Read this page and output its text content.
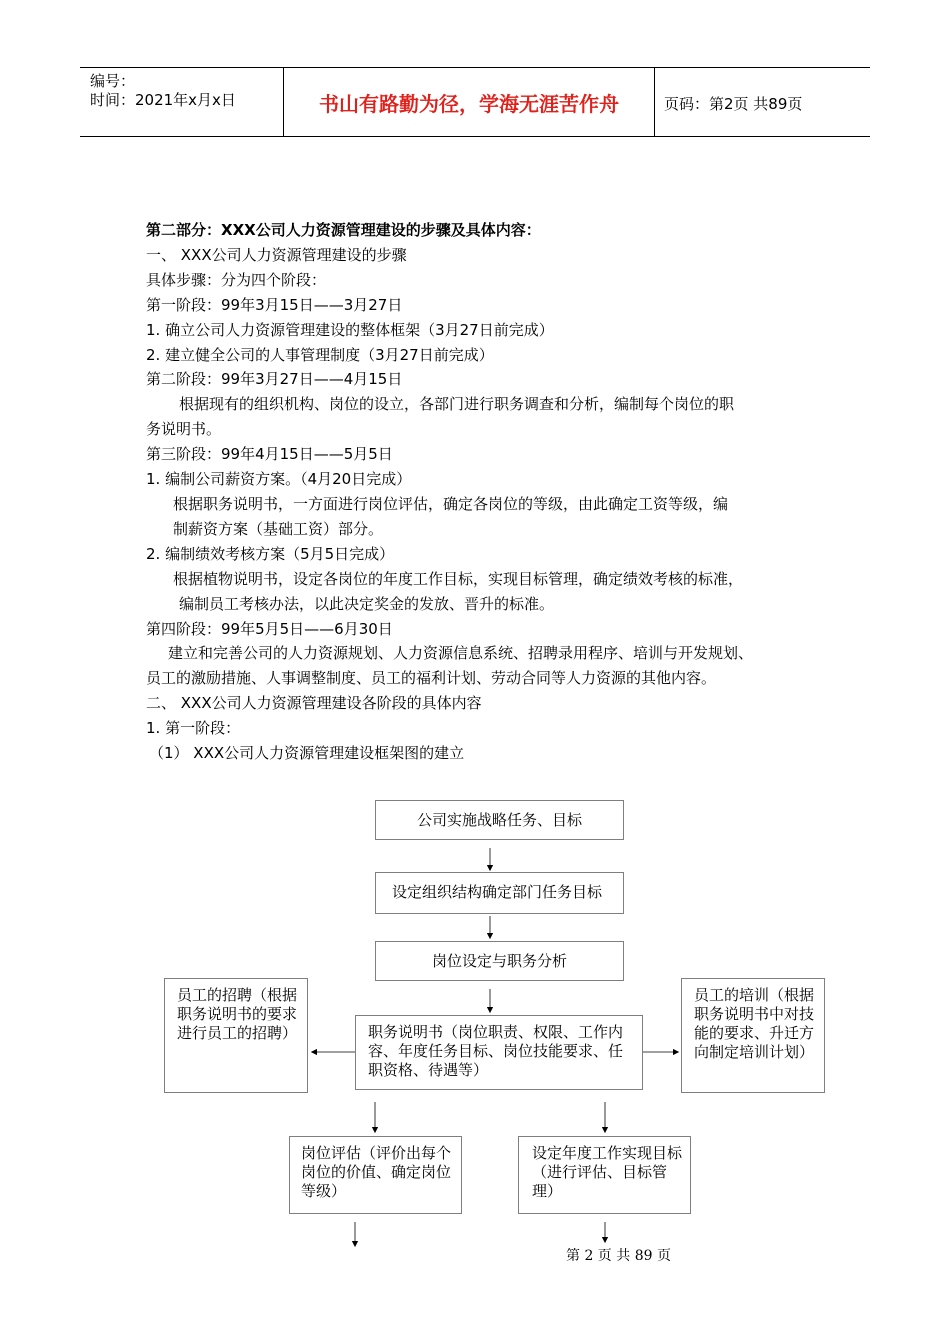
编号：
时间：2021年x月x日	书山有路勤为径，学海无涯苦作舟	页码：第2页 共89页
第二部分：XXX公司人力资源管理建设的步骤及具体内容：
一、 XXX公司人力资源管理建设的步骤
具体步骤：分为四个阶段：
第一阶段：99年3月15日——3月27日
1. 确立公司人力资源管理建设的整体框架（3月27日前完成）
2. 建立健全公司的人事管理制度（3月27日前完成）
第二阶段：99年3月27日——4月15日
根据现有的组织机构、岗位的设立，各部门进行职务调查和分析，编制每个岗位的职
务说明书。
第三阶段：99年4月15日——5月5日
1. 编制公司薪资方案。（4月20日完成）
根据职务说明书，一方面进行岗位评估，确定各岗位的等级，由此确定工资等级，编
制薪资方案（基础工资）部分。
2. 编制绩效考核方案（5月5日完成）
根据植物说明书，设定各岗位的年度工作目标，实现目标管理，确定绩效考核的标准，
编制员工考核办法，以此决定奖金的发放、晋升的标准。
第四阶段：99年5月5日——6月30日
建立和完善公司的人力资源规划、人力资源信息系统、招聘录用程序、培训与开发规划、
员工的激励措施、人事调整制度、员工的福利计划、劳动合同等人力资源的其他内容。
二、 XXX公司人力资源管理建设各阶段的具体内容
1. 第一阶段：
（1） XXX公司人力资源管理建设框架图的建立
公司实施战略任务、目标
设定组织结构确定部门任务目标
岗位设定与职务分析
职务说明书（岗位职责、权限、工作内容、年度任务目标、岗位技能要求、任职资格、待遇等）
员工的招聘（根据职务说明书的要求进行员工的招聘）
员工的培训（根据职务说明书中对技能的要求、升迁方向制定培训计划）
岗位评估（评价出每个岗位的价值、确定岗位等级）
设定年度工作实现目标（进行评估、目标管理）
第 2 页 共 89 页
